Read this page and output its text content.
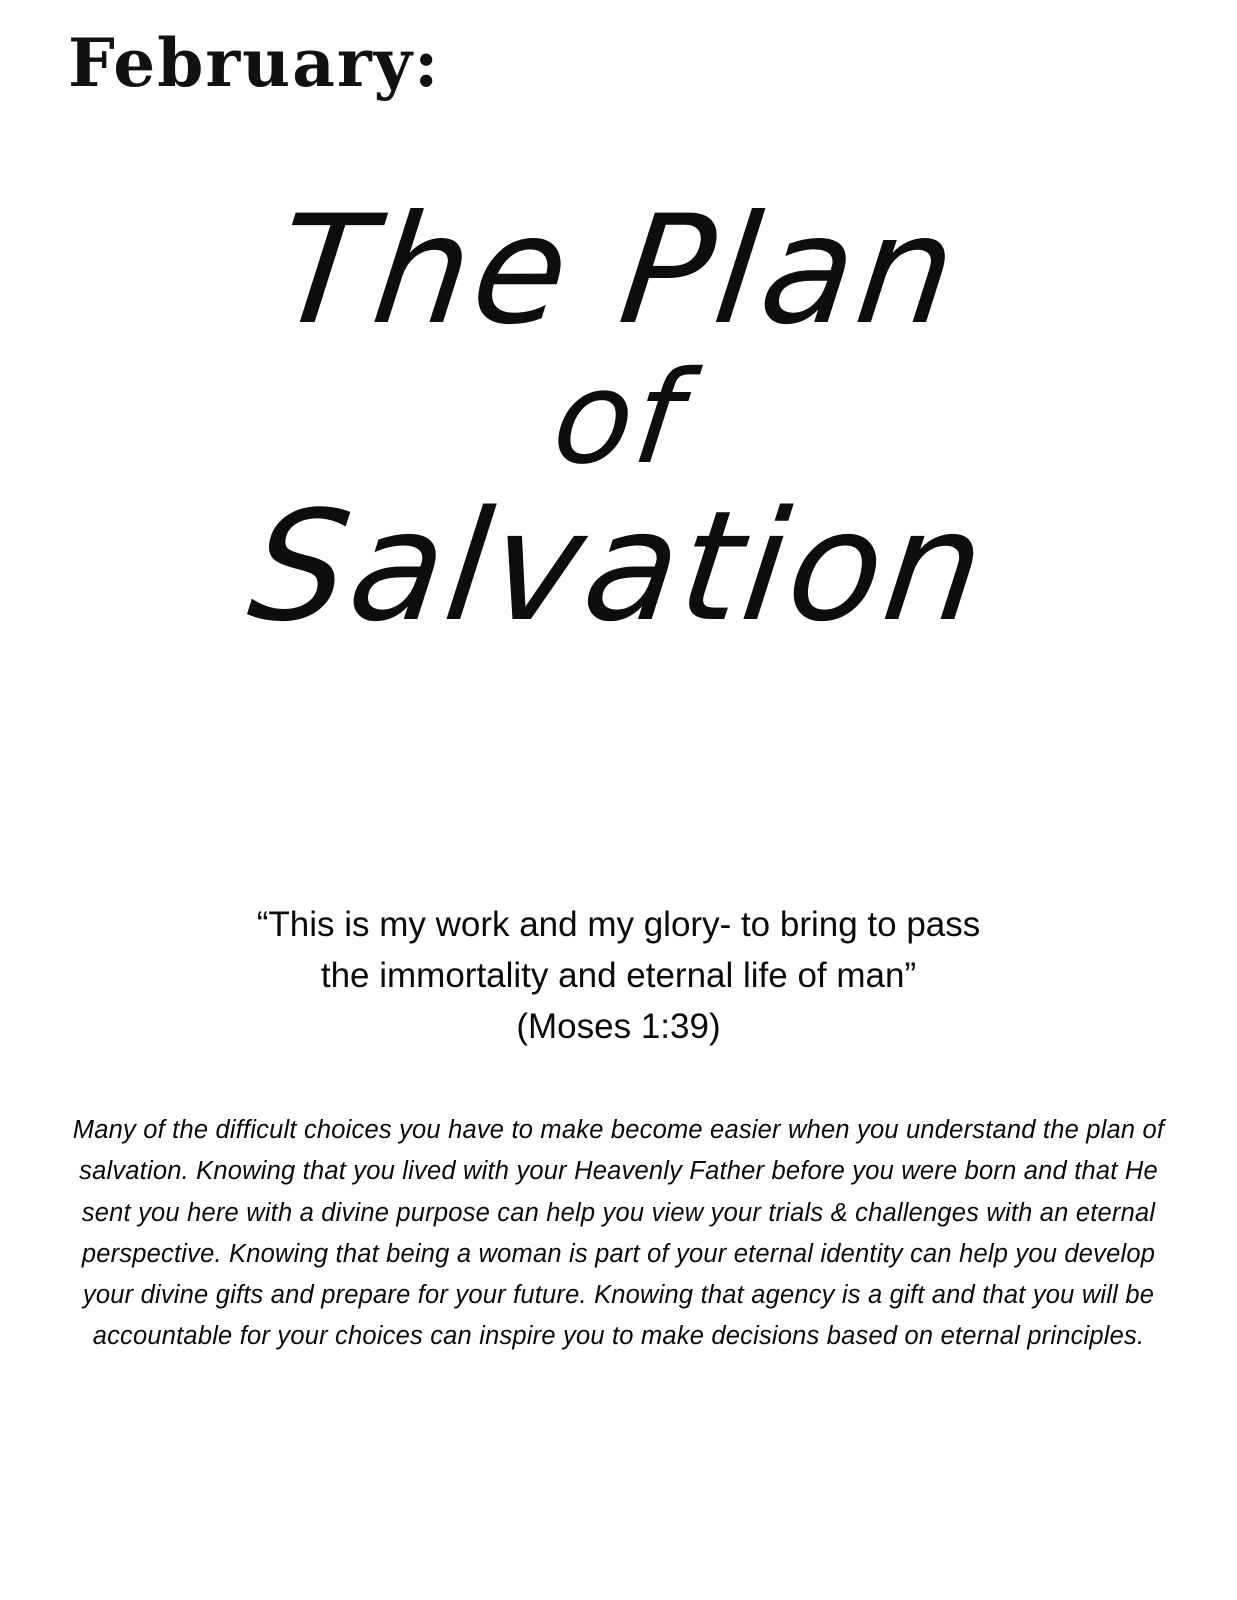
February:
The Plan
of
Salvation
“This is my work and my glory- to bring to pass
the immortality and eternal life of man”
(Moses 1:39)
Many of the difficult choices you have to make become easier when you understand the plan of salvation. Knowing that you lived with your Heavenly Father before you were born and that He sent you here with a divine purpose can help you view your trials & challenges with an eternal perspective. Knowing that being a woman is part of your eternal identity can help you develop your divine gifts and prepare for your future. Knowing that agency is a gift and that you will be accountable for your choices can inspire you to make decisions based on eternal principles.
